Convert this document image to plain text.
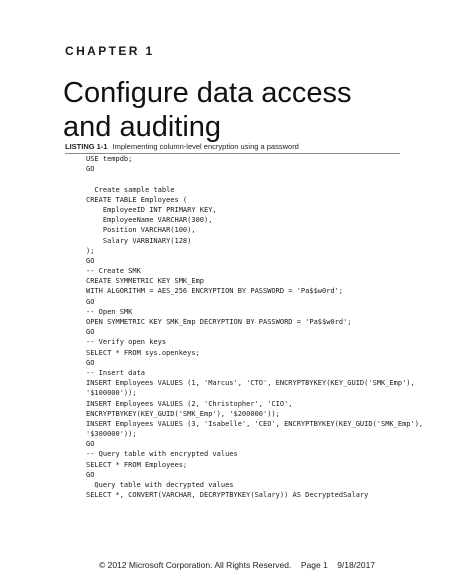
CHAPTER 1
Configure data access and auditing
LISTING 1-1 Implementing column-level encryption using a password
USE tempdb;
GO
Create sample table
CREATE TABLE Employees (
EmployeeID INT PRIMARY KEY,
EmployeeName VARCHAR(300),
Position VARCHAR(100),
Salary VARBINARY(128)
);
GO
-- Create SMK
CREATE SYMMETRIC KEY SMK_Emp
WITH ALGORITHM = AES_256 ENCRYPTION BY PASSWORD = 'Pa$$w0rd';
GO
-- Open SMK
OPEN SYMMETRIC KEY SMK_Emp DECRYPTION BY PASSWORD = 'Pa$$w0rd';
GO
-- Verify open keys
SELECT * FROM sys.openkeys;
GO
-- Insert data
INSERT Employees VALUES (1, 'Marcus', 'CTO', ENCRYPTBYKEY(KEY_GUID('SMK_Emp'),
'$100000'));
INSERT Employees VALUES (2, 'Christopher', 'CIO',
ENCRYPTBYKEY(KEY_GUID('SMK_Emp'), '$200000'));
INSERT Employees VALUES (3, 'Isabelle', 'CEO', ENCRYPTBYKEY(KEY_GUID('SMK_Emp'),
'$300000'));
GO
-- Query table with encrypted values
SELECT * FROM Employees;
GO
Query table with decrypted values
SELECT *, CONVERT(VARCHAR, DECRYPTBYKEY(Salary)) AS DecryptedSalary
© 2012 Microsoft Corporation. All Rights Reserved.    Page 1    9/18/2017
